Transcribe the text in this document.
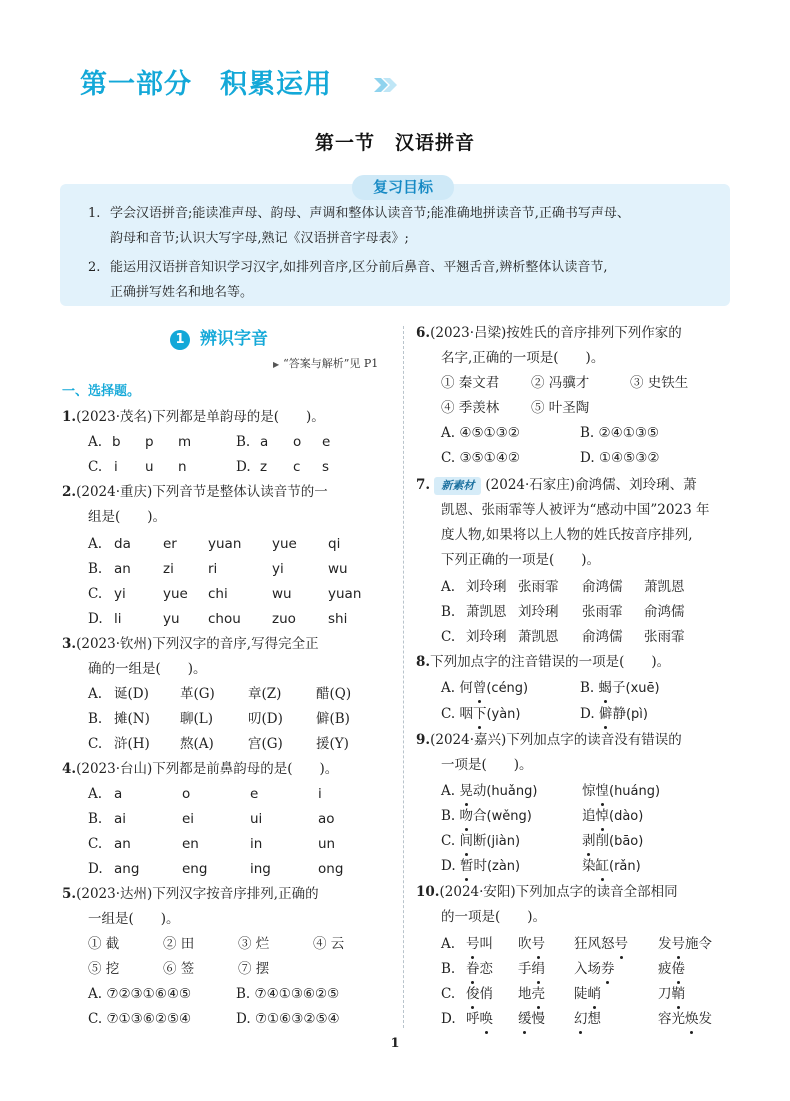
第一部分　积累运用
第一节　汉语拼音
复习目标
1. 学会汉语拼音;能读准声母、韵母、声调和整体认读音节;能准确地拼读音节,正确书写声母、
韵母和音节;认识大写字母,熟记《汉语拼音字母表》;
2. 能运用汉语拼音知识学习汉字,如排列音序,区分前后鼻音、平翘舌音,辨析整体认读音节,
正确拼写姓名和地名等。
1 辨识字音
▶ “答案与解析”见 P1
一、选择题。
1.(2023·茂名)下列都是单韵母的是(　　)。
A. b p m	B. a o e
C. i u n	D. z c s
2.(2024·重庆)下列音节是整体认读音节的一
组是(　　)。
A. da er yuan yue qi
B. an zi	ri	yi	wu
C. yi	yue chi	wu	yuan
D. li	yu chou zuo shi
3.(2023·钦州)下列汉字的音序,写得完全正
确的一组是(　　)。
A. 诞(D) 革(G) 章(Z)	醋(Q)
B. 摊(N) 聊(L)	叨(D) 僻(B)
C. 浒(H) 熬(A)	宫(G) 援(Y)
4.(2023·台山)下列都是前鼻韵母的是(　　)。
A. a	o	e	i
B. ai	ei	ui	ao
C. an	en	in	un
D. ang	eng	ing	ong
5.(2023·达州)下列汉字按音序排列,正确的
一组是(　　)。
① 截	② 田	③ 烂	④ 云
⑤ 挖	⑥ 签	⑦ 摆
A. ⑦②③①⑥④⑤	B. ⑦④①③⑥②⑤
C. ⑦①③⑥②⑤④	D. ⑦①⑥③②⑤④
6.(2023·吕梁)按姓氏的音序排列下列作家的
名字,正确的一项是(　　)。
① 秦文君 ② 冯骥才	③ 史铁生
④ 季羡林 ⑤ 叶圣陶
A. ④⑤①③②	B. ②④①③⑤
C. ③⑤①④②	D. ①④⑤③②
7. 新素材 (2024·石家庄)俞鸿儒、刘玲琍、萧
凯恩、张雨霏等人被评为“感动中国”2023 年
度人物,如果将以上人物的姓氏按音序排列,
下列正确的一项是(　　)。
A. 刘玲琍 张雨霏 俞鸿儒 萧凯恩
B. 萧凯恩 刘玲琍 张雨霏 俞鸿儒
C. 刘玲琍 萧凯恩 俞鸿儒 张雨霏
8.下列加点字的注音错误的一项是(　　)。
A. 何曾(céng)	B. 蝎子(xuē)
C. 咽下(yàn)	D. 僻静(pì)
9.(2024·嘉兴)下列加点字的读音没有错误的
一项是(　　)。
A. 晃动(huǎng)	惊惶(huáng)
B. 吻合(wěng)	追悼(dào)
C. 间断(jiàn)	剥削(bāo)
D. 暂时(zàn)	染缸(rǎn)
10.(2024·安阳)下列加点字的读音全部相同
的一项是(　　)。
A. 号叫 吹号 狂风怒号 发号施令
B. 眷恋 手绢 入场券	疲倦
C. 俊俏 地壳 陡峭	刀鞘
D. 呼唤 缓慢 幻想	容光焕发
1
